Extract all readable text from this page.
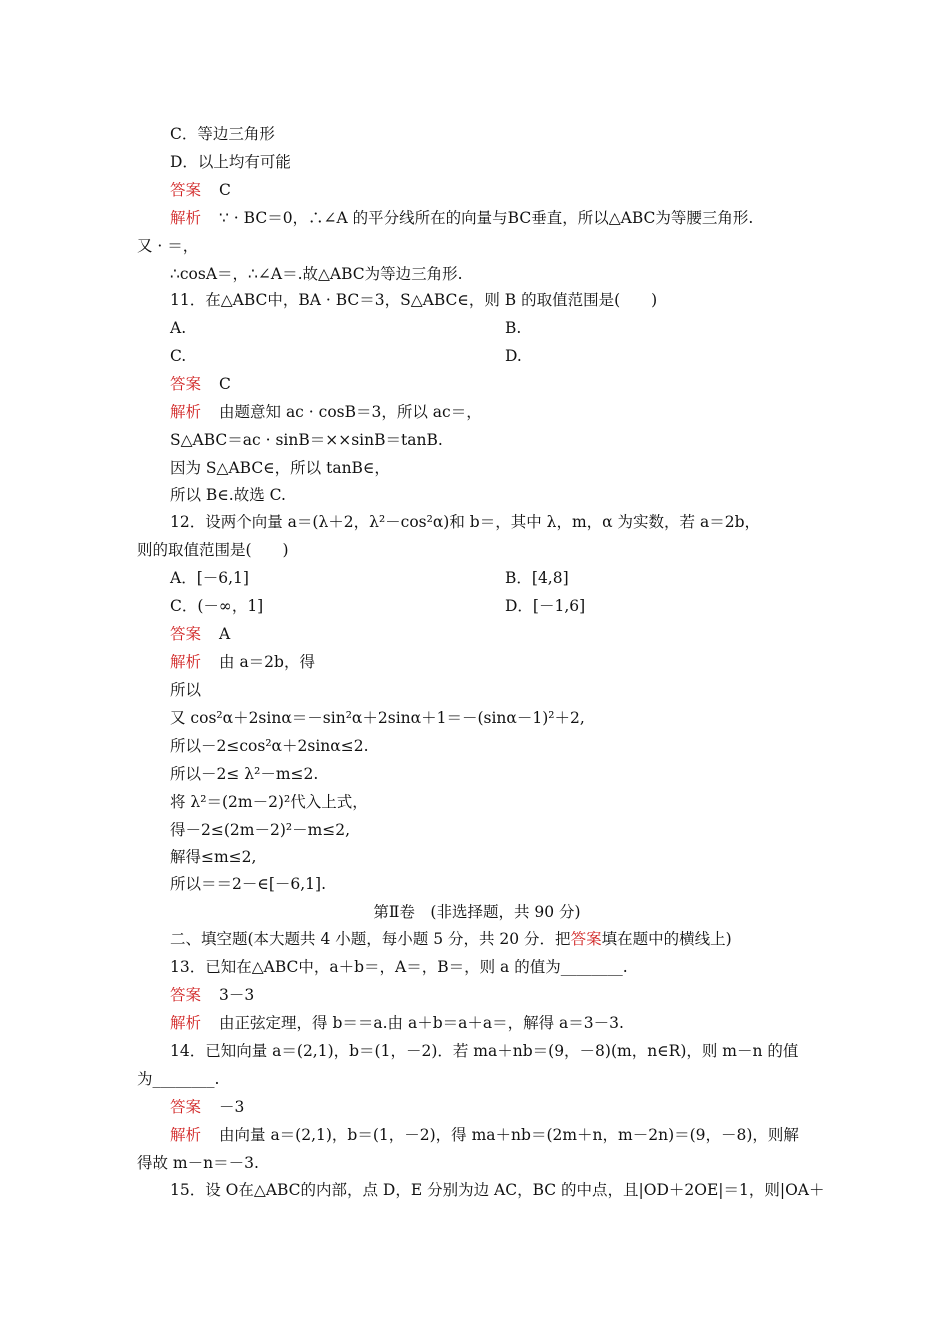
C．等边三角形
D．以上均有可能
答案 C
解析 ∵ · BC＝0，∴∠A 的平分线所在的向量与BC垂直，所以△ABC为等腰三角形.
又 · ＝，
∴cosA＝，∴∠A＝.故△ABC为等边三角形.
11．在△ABC中，BA · BC＝3，S△ABC∈，则 B 的取值范围是(　　)
A.	B.
C.	D.
答案 C
解析 由题意知 ac · cosB＝3，所以 ac＝，
S△ABC＝ac · sinB＝××sinB＝tanB.
因为 S△ABC∈，所以 tanB∈，
所以 B∈.故选 C.
12．设两个向量 a＝(λ＋2，λ²－cos²α)和 b＝，其中 λ，m，α 为实数，若 a＝2b，
则的取值范围是(　　)
A．[－6,1]	B．[4,8]
C．(－∞，1]	D．[－1,6]
答案 A
解析 由 a＝2b，得
所以
又 cos²α＋2sinα＝－sin²α＋2sinα＋1＝－(sinα－1)²＋2,
所以－2≤cos²α＋2sinα≤2.
所以－2≤ λ²－m≤2.
将 λ²＝(2m－2)²代入上式，
得－2≤(2m－2)²－m≤2,
解得≤m≤2,
所以＝＝2－∈[－6,1].
第Ⅱ卷　(非选择题，共 90 分)
二、填空题(本大题共 4 小题，每小题 5 分，共 20 分．把答案填在题中的横线上)
13．已知在△ABC中，a＋b＝，A＝，B＝，则 a 的值为________.
答案 3－3
解析 由正弦定理，得 b＝＝a.由 a＋b＝a＋a＝，解得 a＝3－3.
14．已知向量 a＝(2,1)，b＝(1，－2)．若 ma＋nb＝(9，－8)(m，n∈R)，则 m－n 的值
为________.
答案 －3
解析 由向量 a＝(2,1)，b＝(1，－2)，得 ma＋nb＝(2m＋n，m－2n)＝(9，－8)，则解
得故 m－n＝－3.
15．设 O在△ABC的内部，点 D，E 分别为边 AC，BC 的中点，且|OD＋2OE|＝1，则|OA＋
